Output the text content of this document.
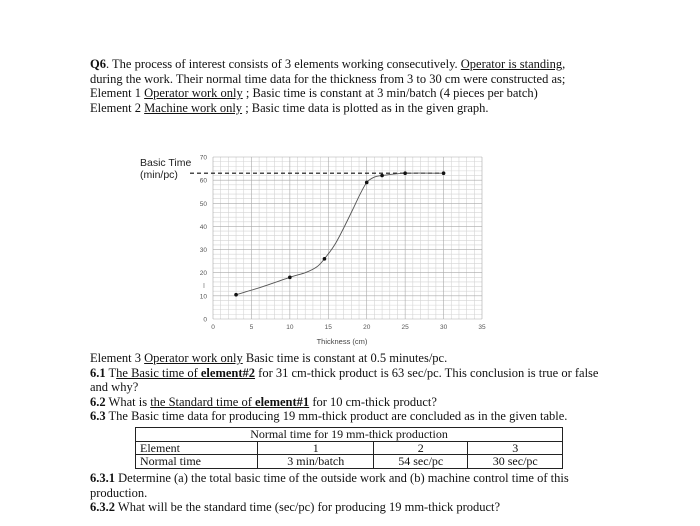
Q6. The process of interest consists of 3 elements working consecutively. Operator is standing,
during the work. Their normal time data for the thickness from 3 to 30 cm were constructed as;
Element 1 Operator work only ; Basic time is constant at 3 min/batch (4 pieces per batch)
Element 2 Machine work only ; Basic time data is plotted as in the given graph.
Basic Time
(min/pc)
0	5	10	15	20	25	30	35
0
10
20
30
40
50
60
70
Thickness (cm)
I
Element 3 Operator work only Basic time is constant at 0.5 minutes/pc.
6.1 The Basic time of element#2 for 31 cm-thick product is 63 sec/pc. This conclusion is true or false and why?
6.2 What is the Standard time of element#1 for 10 cm-thick product?
6.3 The Basic time data for producing 19 mm-thick product are concluded as in the given table.
Normal time for 19 mm-thick production			
Element	1	2	3
Normal time	3 min/batch	54 sec/pc	30 sec/pc
6.3.1 Determine (a) the total basic time of the outside work and (b) machine control time of this production.
6.3.2 What will be the standard time (sec/pc) for producing 19 mm-thick product?
